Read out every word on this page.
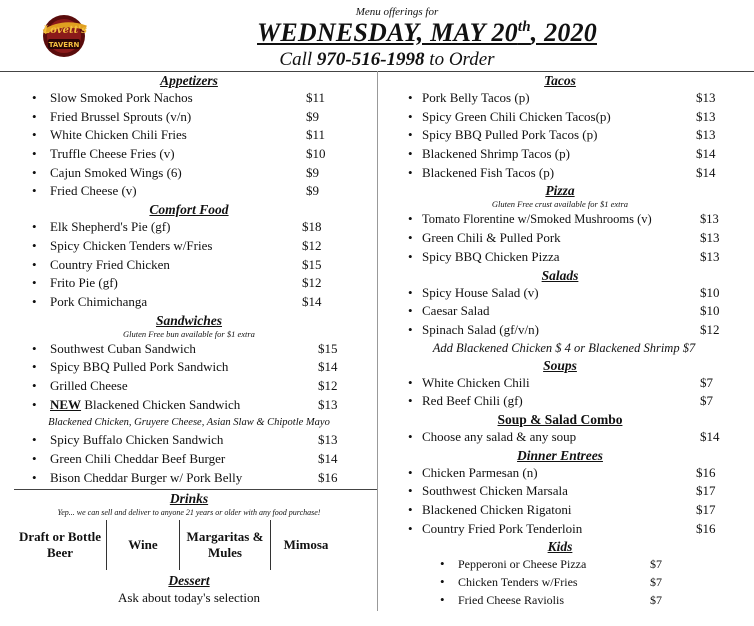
Lovett's
TAVERN
Menu offerings for
WEDNESDAY, MAY 20th, 2020
Call 970-516-1998 to Order
Appetizers
• Slow Smoked Pork Nachos	$11
• Fried Brussel Sprouts (v/n)	$9
• White Chicken Chili Fries	$11
• Truffle Cheese Fries (v)	$10
• Cajun Smoked Wings (6)	$9
• Fried Cheese (v)	$9
Comfort Food
• Elk Shepherd's Pie (gf)	$18
• Spicy Chicken Tenders w/Fries	$12
• Country Fried Chicken	$15
• Frito Pie (gf)	$12
• Pork Chimichanga	$14
Sandwiches
Gluten Free bun available for $1 extra
• Southwest Cuban Sandwich	$15
• Spicy BBQ Pulled Pork Sandwich	$14
• Grilled Cheese	$12
• NEW Blackened Chicken Sandwich	$13
Blackened Chicken, Gruyere Cheese, Asian Slaw & Chipotle Mayo
• Spicy Buffalo Chicken Sandwich	$13
• Green Chili Cheddar Beef Burger	$14
• Bison Cheddar Burger w/ Pork Belly	$16
Drinks
Yep... we can sell and deliver to anyone 21 years or older with any food purchase!
Draft or Bottle Beer
Wine
Margaritas & Mules
Mimosa
Dessert
Ask about today's selection
Tacos
• Pork Belly Tacos (p)	$13
• Spicy Green Chili Chicken Tacos(p)	$13
• Spicy BBQ Pulled Pork Tacos (p)	$13
• Blackened Shrimp Tacos (p)	$14
• Blackened Fish Tacos (p)	$14
Pizza
Gluten Free crust available for $1 extra
• Tomato Florentine w/Smoked Mushrooms (v)	$13
• Green Chili & Pulled Pork	$13
• Spicy BBQ Chicken Pizza	$13
Salads
• Spicy House Salad (v)	$10
• Caesar Salad	$10
• Spinach Salad (gf/v/n)	$12
Add Blackened Chicken $ 4 or Blackened Shrimp $7
Soups
• White Chicken Chili	$7
• Red Beef Chili (gf)	$7
Soup & Salad Combo
• Choose any salad & any soup	$14
Dinner Entrees
• Chicken Parmesan (n)	$16
• Southwest Chicken Marsala	$17
• Blackened Chicken Rigatoni	$17
• Country Fried Pork Tenderloin	$16
Kids
• Pepperoni or Cheese Pizza	$7
• Chicken Tenders w/Fries	$7
• Fried Cheese Raviolis	$7
